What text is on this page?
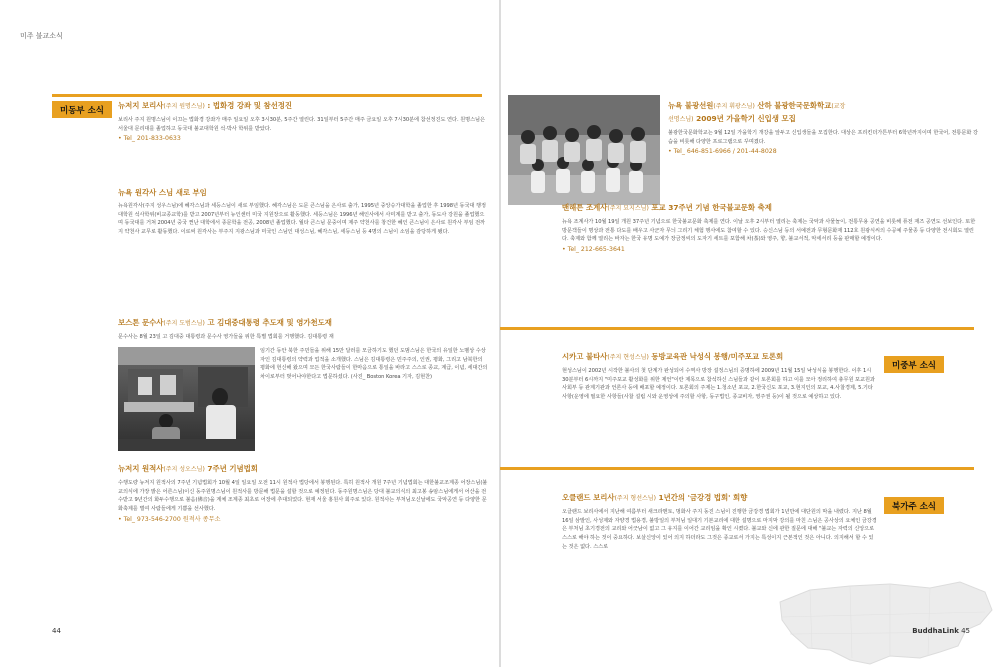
미주 불교소식
미동부 소식	뉴저지 보리사(주지 원명스님) : 법화경 강좌 및 참선정진

보리사 주지 원명스님이 이끄는 법화경 강좌가 매주 일요일 오후 3시30분, 5주간 열린다. 31일부터 5주간 매주 금요일 오후 7시30분에 참선정진도 연다. 원명스님은 서울대 문리대를 졸업하고 동국대 불교대학원 석·박사 학위를 받았다.

• Tel_ 201-833-0633
뉴욕 원각사 스님 새로 부임

뉴욕원각사(주지 성우스님)에 혜각스님과 세등스님이 새로 부임했다. 혜각스님은 도문 큰스님을 은사로 출가, 1995년 중앙승가대학을 졸업한 후 1998년 동국대 행정대학원 석사학위(비교종교학)를 받고 2007년부터 뉴인센터 미국 지원장으로 활동했다. 세등스님은 1996년 해인사에서 사미계를 받고 출가, 동도사 강원을 졸업했으며 동국대를 거쳐 2004년 중국 쩐난 대학에서 종문학을 전공, 2008년 졸업했다. 월타 큰스님 문중이며 제주 약천사를 창건한 혜인 큰스님이 은사로 원각사 부임 전까지 약천사 교무로 활동했다. 이로써 원각사는 부주지 지광스님과 미국인 스님인 대성스님, 혜각스님, 세등스님 등 4명의 스님이 소임을 감당하게 됐다.

보스톤 문수사(주지 도범스님) 고 김대중대통령 추도재 및 영가천도재

문수사는 8월 23일 고 김대중 대통령과 문수사 영가들을 위한 특별 법회를 거행했다. 김대통령 재

임기간 동안 북한 주민들을 위해 15만 달러를 모금하기도 했던 도범스님은 한국의 유일한 노벨상 수상자인 김대통령의 약력과 업적을 소개했다. 스님은 김대통령은 민주주의, 인권, 평화, 그리고 남북한의 평화에 헌신해 왔으며 모든 한국사람들이 한마음으로 통일을 바라고 스스로 종교, 계급, 이념, 세대간의 차이로부터 벗어나야한다고 법문하셨다. (사진_ Boston Korea 기자, 김현찬)

뉴저지 원적사(주지 성오스님) 7주년 기념법회

수행도량 뉴저지 원적사의 7주년 기념법회가 10월 4일 일요일 오전 11시 원적사 법당에서 봉행된다. 특히 원적사 개원 7주년 기념법회는 대한불교조계종 어장스님(불교의식에 가장 밝은 어른스님)이신 동주원명스님이 원적사를 방문해 법문을 설할 것으로 예정된다. 동주원명스님은 당대 불교의식의 최고봉 송암스님에게서 어산을 전수받고 9년간의 화두수행으로 불음(佛音)을 계체 조계종 최초로 어장에 추대되었다. 현재 서울 홍원사 회주로 있다. 원적사는 부처님오신날에도 국악공연 등 다양한 문화축제를 벌여 사람들에게 기쁨을 선사했다.

• Tel_ 973-546-2700 원적사 종무소
44
뉴욕 불광선원(주지 휘광스님) 산하 불광한국문화학교(교장
선명스님) 2009년 가을학기 신입생 모집

불광한국문화학교는 9월 12일 가을학기 개강을 앞두고 신입생들을 모집한다. 대상은 프리킨더가튼부터 6학년까지이며 한국어, 전통문화 강습을 비롯해 다양한 프로그램으로 꾸며졌다.

• Tel_ 646-851-6966 / 201-44-8028
맨해튼 조계사(주지 묘지스님) 포교 37주년 기념 한국불교문화 축제

뉴욕 조계사가 10월 19일 개원 37주년 기념으로 한국불교문화 축제를 연다. 이날 오후 2시부터 열리는 축제는 국악과 사물놀이, 전통무용 공연을 비롯해 퓨전 재즈 공연도 선보인다. 또한 방문객들이 명상과 전통 다도를 배우고 사군자 무늬 그리기 체험 행사에도 참여할 수 있다. 승신스님 등의 서예전과 무형문화재 112호 원광식씨의 수공예 주물종 등 다양한 전시회도 열린다. 축제와 함께 열리는 바자는 한국 유명 도예가 장금정씨의 도자기 세트를 포함해 차(茶)와 영주, 향, 불교서적, 악세서리 등을 판매할 예정이다.

• Tel_ 212-665-3641
미중부 소식
시카고 불타사(주지 현성스님) 동방교육관 낙성식 봉행/미주포교 토론회

현성스님이 2002년 시작한 불사의 첫 단계가 완성되어 수역사 방장 설정스님의 증명하에 2009년 11월 15일 낙성식을 봉행한다. 이후 1시30분부터 6시까지 "미주포교 활성화를 위한 제언"이란 제목으로 참석하신 스님들과 같이 토론회를 하고 이를 모아 정리하여 총무원 포교원과 사회부 등 관계기관과 언론사 등에 배포할 예정이다. 토론회의 주제는 1.청소년 포교, 2.한국신도 포교, 3.현지인의 포교, 4.사찰경제, 5.기타 사항(운영에 필요한 사항들(사찰 설립 시와 운영상에 주의할 사항, 동구법인, 종교비자, 영주권 등)이 될 것으로 예상하고 있다.

북가주 소식
오클랜드 보리사(주지 형선스님) 1년간의 '금강경 법회' 회향

오클랜드 보리사에서 지난해 여름부터 새크라멘토, 멍화사 주지 동진 스님이 진행한 금강경 법회가 1년만에 대단원의 막을 내렸다. 지난 8월 16일 삼발인, 사성제와 자양경 법용경, 불방일의 부처님 일대기 기본교리에 대한 설명으로 마지막 강의를 마친 스님은 공사상의 요체인 금강경은 부처님 초기경전의 교리와 어긋남이 없고 그 유지를 이어간 교리임을 확인 시켰다. 불교와 신에 관한 질문에 대해 "불교는 자력의 신앙으로 스스로 해야 하는 것이 중요하다. 보살신앙이 있어 의지 하더라도 그것은 종교로서 가지는 특성이지 근본적인 것은 아니다. 의지해서 할 수 있는 것은 없다. 스스로

BuddhaLink 45
